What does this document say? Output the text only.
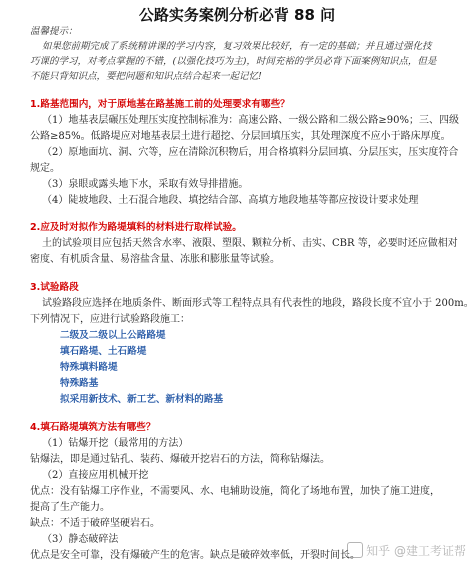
公路实务案例分析必背 88 问
温馨提示：
如果您前期完成了系统精讲课的学习内容，复习效果比较好，有一定的基础；并且通过强化技
巧课的学习，对考点掌握的不错，(以强化技巧为主)，时间充裕的学员必背下面案例知识点，但是
不能只背知识点，要把问题和知识点结合起来一起记忆!
1.路基范围内，对于原地基在路基施工前的处理要求有哪些？
（1）地基表层碾压处理压实度控制标准为：高速公路、一级公路和二级公路≥90%；三、四级
公路≥85%。低路堤应对地基表层土进行超挖、分层回填压实，其处理深度不应小于路床厚度。
（2）原地面坑、洞、穴等，应在清除沉积物后，用合格填料分层回填、分层压实，压实度符合
规定。
（3）泉眼或露头地下水，采取有效导排措施。
（4）陡坡地段、土石混合地段、填挖结合部、高填方地段地基等都应按设计要求处理
2.应及时对拟作为路堤填料的材料进行取样试验。
土的试验项目应包括天然含水率、液限、塑限、颗粒分析、击实、CBR 等，必要时还应做相对
密度、有机质含量、易溶盐含量、冻胀和膨胀量等试验。
3.试验路段
试验路段应选择在地质条件、断面形式等工程特点具有代表性的地段，路段长度不宜小于 200m。
下列情况下，应进行试验路段施工：
二级及二级以上公路路堤
填石路堤、土石路堤
特殊填料路堤
特殊路基
拟采用新技术、新工艺、新材料的路基
4.填石路堤填筑方法有哪些？
（1）钻爆开挖（最常用的方法）
钻爆法，即是通过钻孔、装药、爆破开挖岩石的方法，简称钻爆法。
（2）直接应用机械开挖
优点：没有钻爆工序作业，不需要风、水、电辅助设施，简化了场地布置，加快了施工进度，
提高了生产能力。
缺点：不适于破碎坚硬岩石。
（3）静态破碎法
优点是安全可靠，没有爆破产生的危害。缺点是破碎效率低，开裂时间长。 知乎 @建工考证帮
